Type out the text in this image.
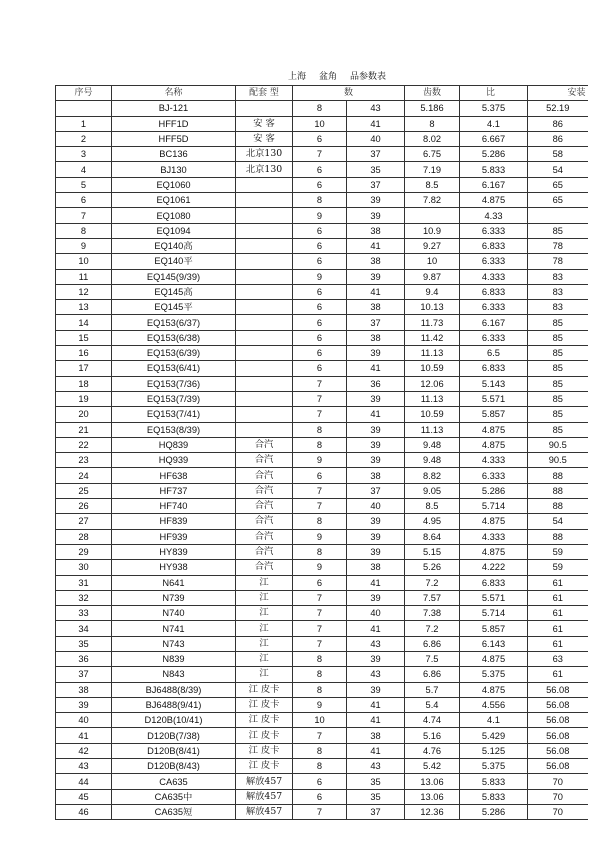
上海 盆角 品参数表
序号	名称	配套 型	数		齿数	比	安装
	BJ-121		8	43	5.186	5.375	52.19
1	HFF1D	安 客	10	41	8	4.1	86
2	HFF5D	安 客	6	40	8.02	6.667	86
3	BC136	北京130	7	37	6.75	5.286	58
4	BJ130	北京130	6	35	7.19	5.833	54
5	EQ1060		6	37	8.5	6.167	65
6	EQ1061		8	39	7.82	4.875	65
7	EQ1080		9	39		4.33	
8	EQ1094		6	38	10.9	6.333	85
9	EQ140高		6	41	9.27	6.833	78
10	EQ140平		6	38	10	6.333	78
11	EQ145(9/39)		9	39	9.87	4.333	83
12	EQ145高		6	41	9.4	6.833	83
13	EQ145平		6	38	10.13	6.333	83
14	EQ153(6/37)		6	37	11.73	6.167	85
15	EQ153(6/38)		6	38	11.42	6.333	85
16	EQ153(6/39)		6	39	11.13	6.5	85
17	EQ153(6/41)		6	41	10.59	6.833	85
18	EQ153(7/36)		7	36	12.06	5.143	85
19	EQ153(7/39)		7	39	11.13	5.571	85
20	EQ153(7/41)		7	41	10.59	5.857	85
21	EQ153(8/39)		8	39	11.13	4.875	85
22	HQ839	合汽	8	39	9.48	4.875	90.5
23	HQ939	合汽	9	39	9.48	4.333	90.5
24	HF638	合汽	6	38	8.82	6.333	88
25	HF737	合汽	7	37	9.05	5.286	88
26	HF740	合汽	7	40	8.5	5.714	88
27	HF839	合汽	8	39	4.95	4.875	54
28	HF939	合汽	9	39	8.64	4.333	88
29	HY839	合汽	8	39	5.15	4.875	59
30	HY938	合汽	9	38	5.26	4.222	59
31	N641	江	6	41	7.2	6.833	61
32	N739	江	7	39	7.57	5.571	61
33	N740	江	7	40	7.38	5.714	61
34	N741	江	7	41	7.2	5.857	61
35	N743	江	7	43	6.86	6.143	61
36	N839	江	8	39	7.5	4.875	63
37	N843	江	8	43	6.86	5.375	61
38	BJ6488(8/39)	江 皮卡	8	39	5.7	4.875	56.08
39	BJ6488(9/41)	江 皮卡	9	41	5.4	4.556	56.08
40	D120B(10/41)	江 皮卡	10	41	4.74	4.1	56.08
41	D120B(7/38)	江 皮卡	7	38	5.16	5.429	56.08
42	D120B(8/41)	江 皮卡	8	41	4.76	5.125	56.08
43	D120B(8/43)	江 皮卡	8	43	5.42	5.375	56.08
44	CA635	解放457	6	35	13.06	5.833	70
45	CA635中	解放457	6	35	13.06	5.833	70
46	CA635短	解放457	7	37	12.36	5.286	70
